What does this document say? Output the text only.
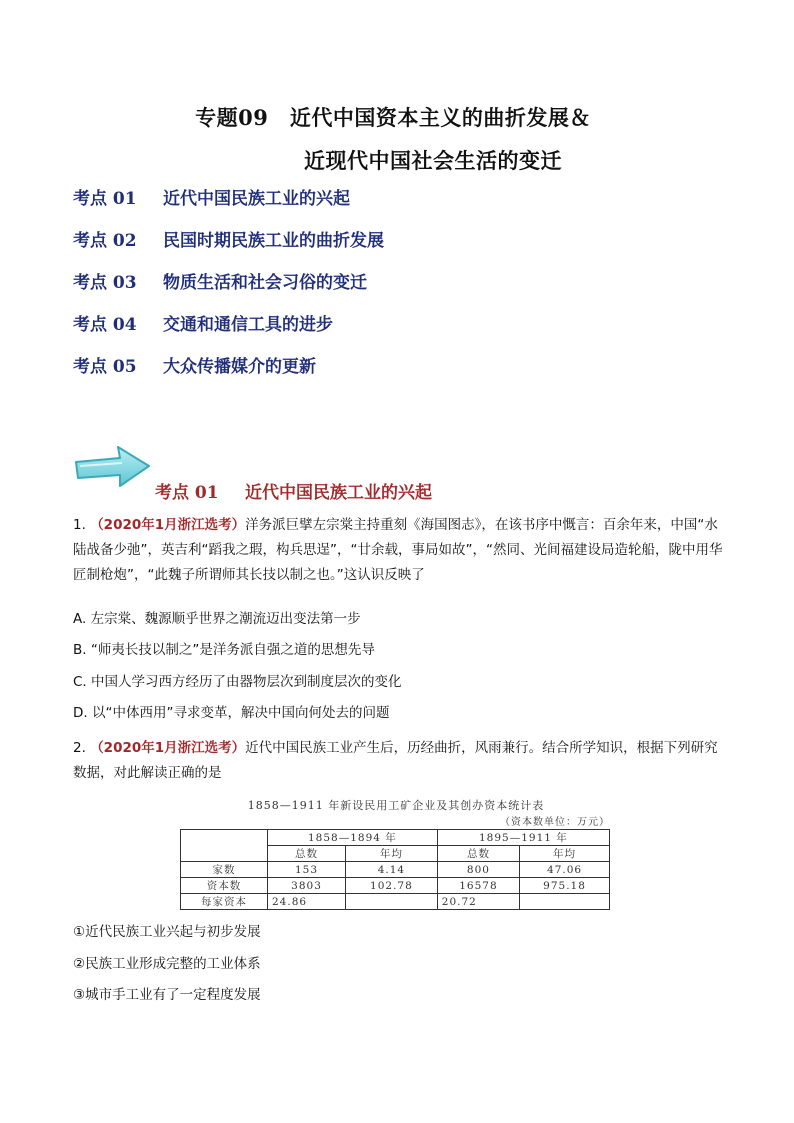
专题09　近代中国资本主义的曲折发展＆
近现代中国社会生活的变迁
考点 01 近代中国民族工业的兴起
考点 02 民国时期民族工业的曲折发展
考点 03 物质生活和社会习俗的变迁
考点 04 交通和通信工具的进步
考点 05 大众传播媒介的更新
考点 01 近代中国民族工业的兴起
1. （2020年1月浙江选考）洋务派巨擘左宗棠主持重刻《海国图志》，在该书序中慨言：百余年来，中国“水陆战备少弛”，英吉利“蹈我之瑕，构兵思逞”，“廿余载，事局如故”，“然同、光间福建设局造轮船，陇中用华匠制枪炮”，“此魏子所谓师其长技以制之也。”这认识反映了
A. 左宗棠、魏源顺乎世界之潮流迈出变法第一步
B. “师夷长技以制之”是洋务派自强之道的思想先导
C. 中国人学习西方经历了由器物层次到制度层次的变化
D. 以“中体西用”寻求变革，解决中国向何处去的问题
2. （2020年1月浙江选考）近代中国民族工业产生后，历经曲折，风雨兼行。结合所学知识，根据下列研究数据，对此解读正确的是
1858—1911 年新设民用工矿企业及其创办资本统计表
（资本数单位：万元）
	1858—1894 年		1895—1911 年	
	总数	年均	总数	年均
家数	153	4.14	800	47.06
资本数	3803	102.78	16578	975.18
每家资本	24.86		20.72	
①近代民族工业兴起与初步发展
②民族工业形成完整的工业体系
③城市手工业有了一定程度发展
